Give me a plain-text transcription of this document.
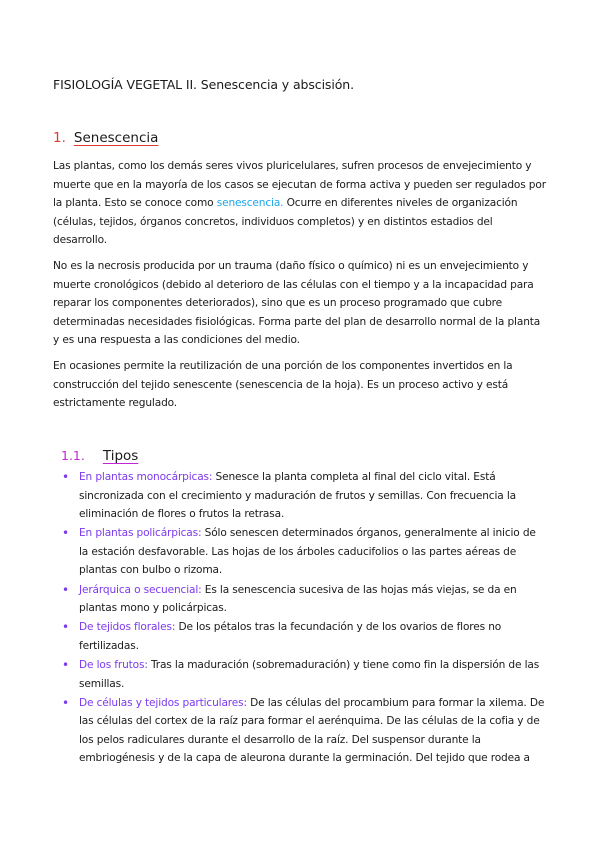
FISIOLOGÍA VEGETAL II. Senescencia y abscisión.
1. Senescencia

Las plantas, como los demás seres vivos pluricelulares, sufren procesos de envejecimiento y muerte que en la mayoría de los casos se ejecutan de forma activa y pueden ser regulados por la planta. Esto se conoce como senescencia. Ocurre en diferentes niveles de organización (células, tejidos, órganos concretos, individuos completos) y en distintos estadios del desarrollo.

No es la necrosis producida por un trauma (daño físico o químico) ni es un envejecimiento y muerte cronológicos (debido al deterioro de las células con el tiempo y a la incapacidad para reparar los componentes deteriorados), sino que es un proceso programado que cubre determinadas necesidades fisiológicas. Forma parte del plan de desarrollo normal de la planta y es una respuesta a las condiciones del medio.

En ocasiones permite la reutilización de una porción de los componentes invertidos en la construcción del tejido senescente (senescencia de la hoja). Es un proceso activo y está estrictamente regulado.

1.1. Tipos
• En plantas monocárpicas: Senesce la planta completa al final del ciclo vital. Está sincronizada con el crecimiento y maduración de frutos y semillas. Con frecuencia la eliminación de flores o frutos la retrasa.
• En plantas policárpicas: Sólo senescen determinados órganos, generalmente al inicio de la estación desfavorable. Las hojas de los árboles caducifolios o las partes aéreas de plantas con bulbo o rizoma.
• Jerárquica o secuencial: Es la senescencia sucesiva de las hojas más viejas, se da en plantas mono y policárpicas.
• De tejidos florales: De los pétalos tras la fecundación y de los ovarios de flores no fertilizadas.
• De los frutos: Tras la maduración (sobremaduración) y tiene como fin la dispersión de las semillas.
• De células y tejidos particulares: De las células del procambium para formar la xilema. De las células del cortex de la raíz para formar el aerénquima. De las células de la cofia y de los pelos radiculares durante el desarrollo de la raíz. Del suspensor durante la embriogénesis y de la capa de aleurona durante la germinación. Del tejido que rodea a
